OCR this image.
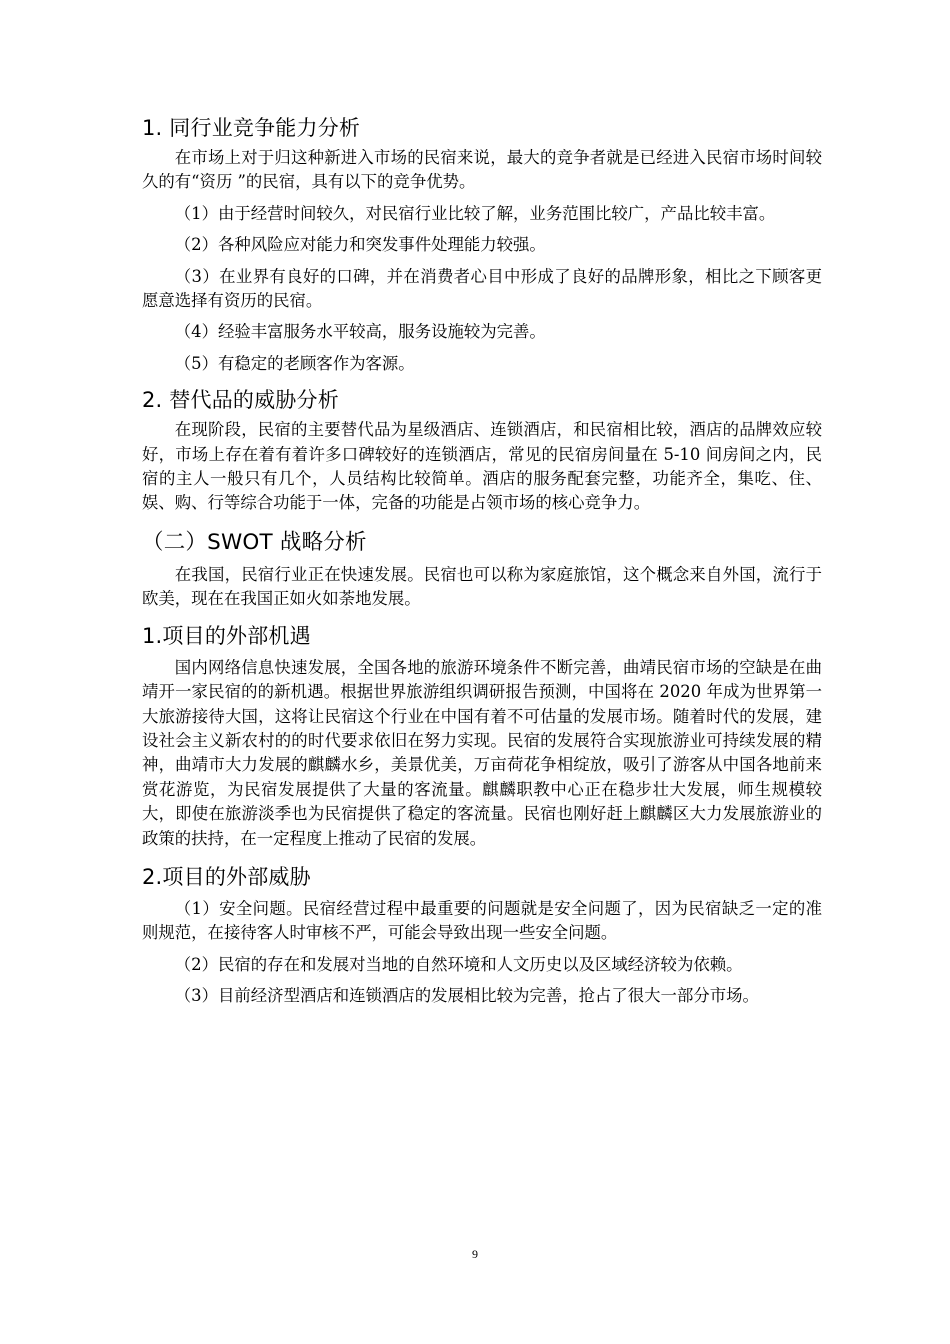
1. 同行业竞争能力分析

在市场上对于归这种新进入市场的民宿来说，最大的竞争者就是已经进入民宿市场时间较久的有“资历 ”的民宿，具有以下的竞争优势。

（1）由于经营时间较久，对民宿行业比较了解，业务范围比较广，产品比较丰富。

（2）各种风险应对能力和突发事件处理能力较强。

（3）在业界有良好的口碑，并在消费者心目中形成了良好的品牌形象，相比之下顾客更愿意选择有资历的民宿。

（4）经验丰富服务水平较高，服务设施较为完善。

（5）有稳定的老顾客作为客源。

2. 替代品的威胁分析

在现阶段，民宿的主要替代品为星级酒店、连锁酒店，和民宿相比较，酒店的品牌效应较好，市场上存在着有着许多口碑较好的连锁酒店，常见的民宿房间量在 5-10 间房间之内，民宿的主人一般只有几个，人员结构比较简单。酒店的服务配套完整，功能齐全，集吃、住、娱、购、行等综合功能于一体，完备的功能是占领市场的核心竞争力。

（二）SWOT 战略分析

在我国，民宿行业正在快速发展。民宿也可以称为家庭旅馆，这个概念来自外国，流行于欧美，现在在我国正如火如荼地发展。

1.项目的外部机遇

国内网络信息快速发展，全国各地的旅游环境条件不断完善，曲靖民宿市场的空缺是在曲靖开一家民宿的的新机遇。根据世界旅游组织调研报告预测，中国将在 2020 年成为世界第一大旅游接待大国，这将让民宿这个行业在中国有着不可估量的发展市场。随着时代的发展，建设社会主义新农村的的时代要求依旧在努力实现。民宿的发展符合实现旅游业可持续发展的精神，曲靖市大力发展的麒麟水乡，美景优美，万亩荷花争相绽放，吸引了游客从中国各地前来赏花游览，为民宿发展提供了大量的客流量。麒麟职教中心正在稳步壮大发展，师生规模较大，即使在旅游淡季也为民宿提供了稳定的客流量。民宿也刚好赶上麒麟区大力发展旅游业的政策的扶持，在一定程度上推动了民宿的发展。

2.项目的外部威胁

（1）安全问题。民宿经营过程中最重要的问题就是安全问题了，因为民宿缺乏一定的准则规范，在接待客人时审核不严，可能会导致出现一些安全问题。

（2）民宿的存在和发展对当地的自然环境和人文历史以及区域经济较为依赖。

（3）目前经济型酒店和连锁酒店的发展相比较为完善，抢占了很大一部分市场。

9
